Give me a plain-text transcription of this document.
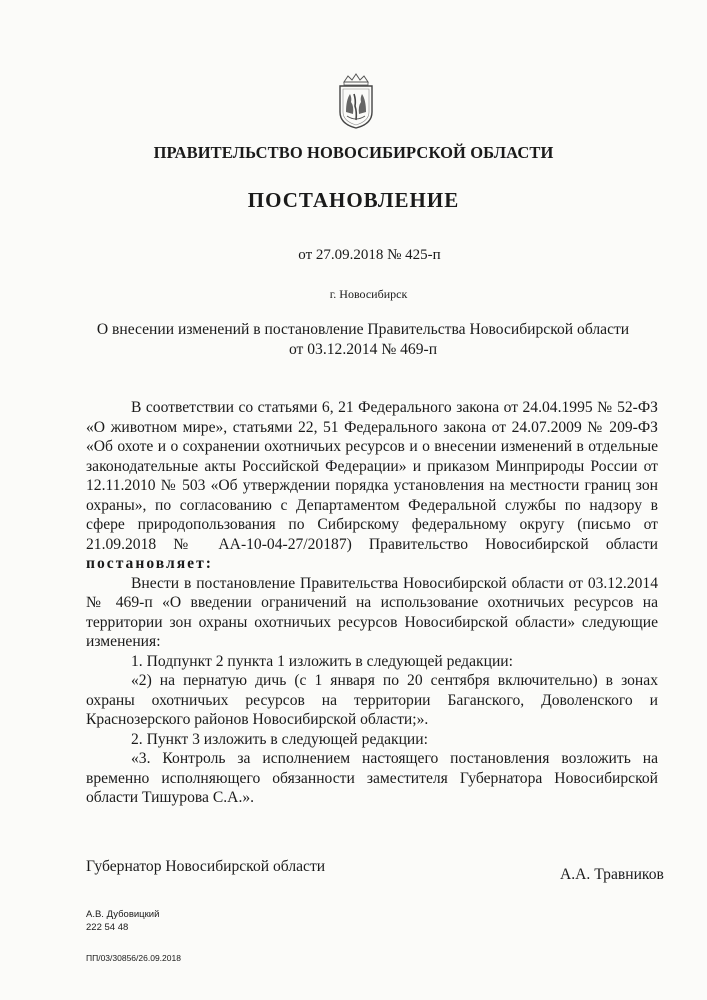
ПРАВИТЕЛЬСТВО НОВОСИБИРСКОЙ ОБЛАСТИ
ПОСТАНОВЛЕНИЕ
от 27.09.2018 № 425-п
г. Новосибирск
О внесении изменений в постановление Правительства Новосибирской области
от 03.12.2014 № 469-п

В соответствии со статьями 6, 21 Федерального закона от 24.04.1995 № 52-ФЗ «О животном мире», статьями 22, 51 Федерального закона от 24.07.2009 № 209-ФЗ «Об охоте и о сохранении охотничьих ресурсов и о внесении изменений в отдельные законодательные акты Российской Федерации» и приказом Минприроды России от 12.11.2010 № 503 «Об утверждении порядка установления на местности границ зон охраны», по согласованию с Департаментом Федеральной службы по надзору в сфере природопользования по Сибирскому федеральному округу (письмо от 21.09.2018 № АА-10-04-27/20187) Правительство Новосибирской области

постановляет:

Внести в постановление Правительства Новосибирской области от 03.12.2014 № 469-п «О введении ограничений на использование охотничьих ресурсов на территории зон охраны охотничьих ресурсов Новосибирской области» следующие изменения:

1. Подпункт 2 пункта 1 изложить в следующей редакции:

«2) на пернатую дичь (с 1 января по 20 сентября включительно) в зонах охраны охотничьих ресурсов на территории Баганского, Доволенского и Краснозерского районов Новосибирской области;».

2. Пункт 3 изложить в следующей редакции:

«3. Контроль за исполнением настоящего постановления возложить на временно исполняющего обязанности заместителя Губернатора Новосибирской области Тишурова С.А.».

Губернатор Новосибирской области	А.А. Травников
А.В. Дубовицкий
222 54 48
ПП/03/30856/26.09.2018
